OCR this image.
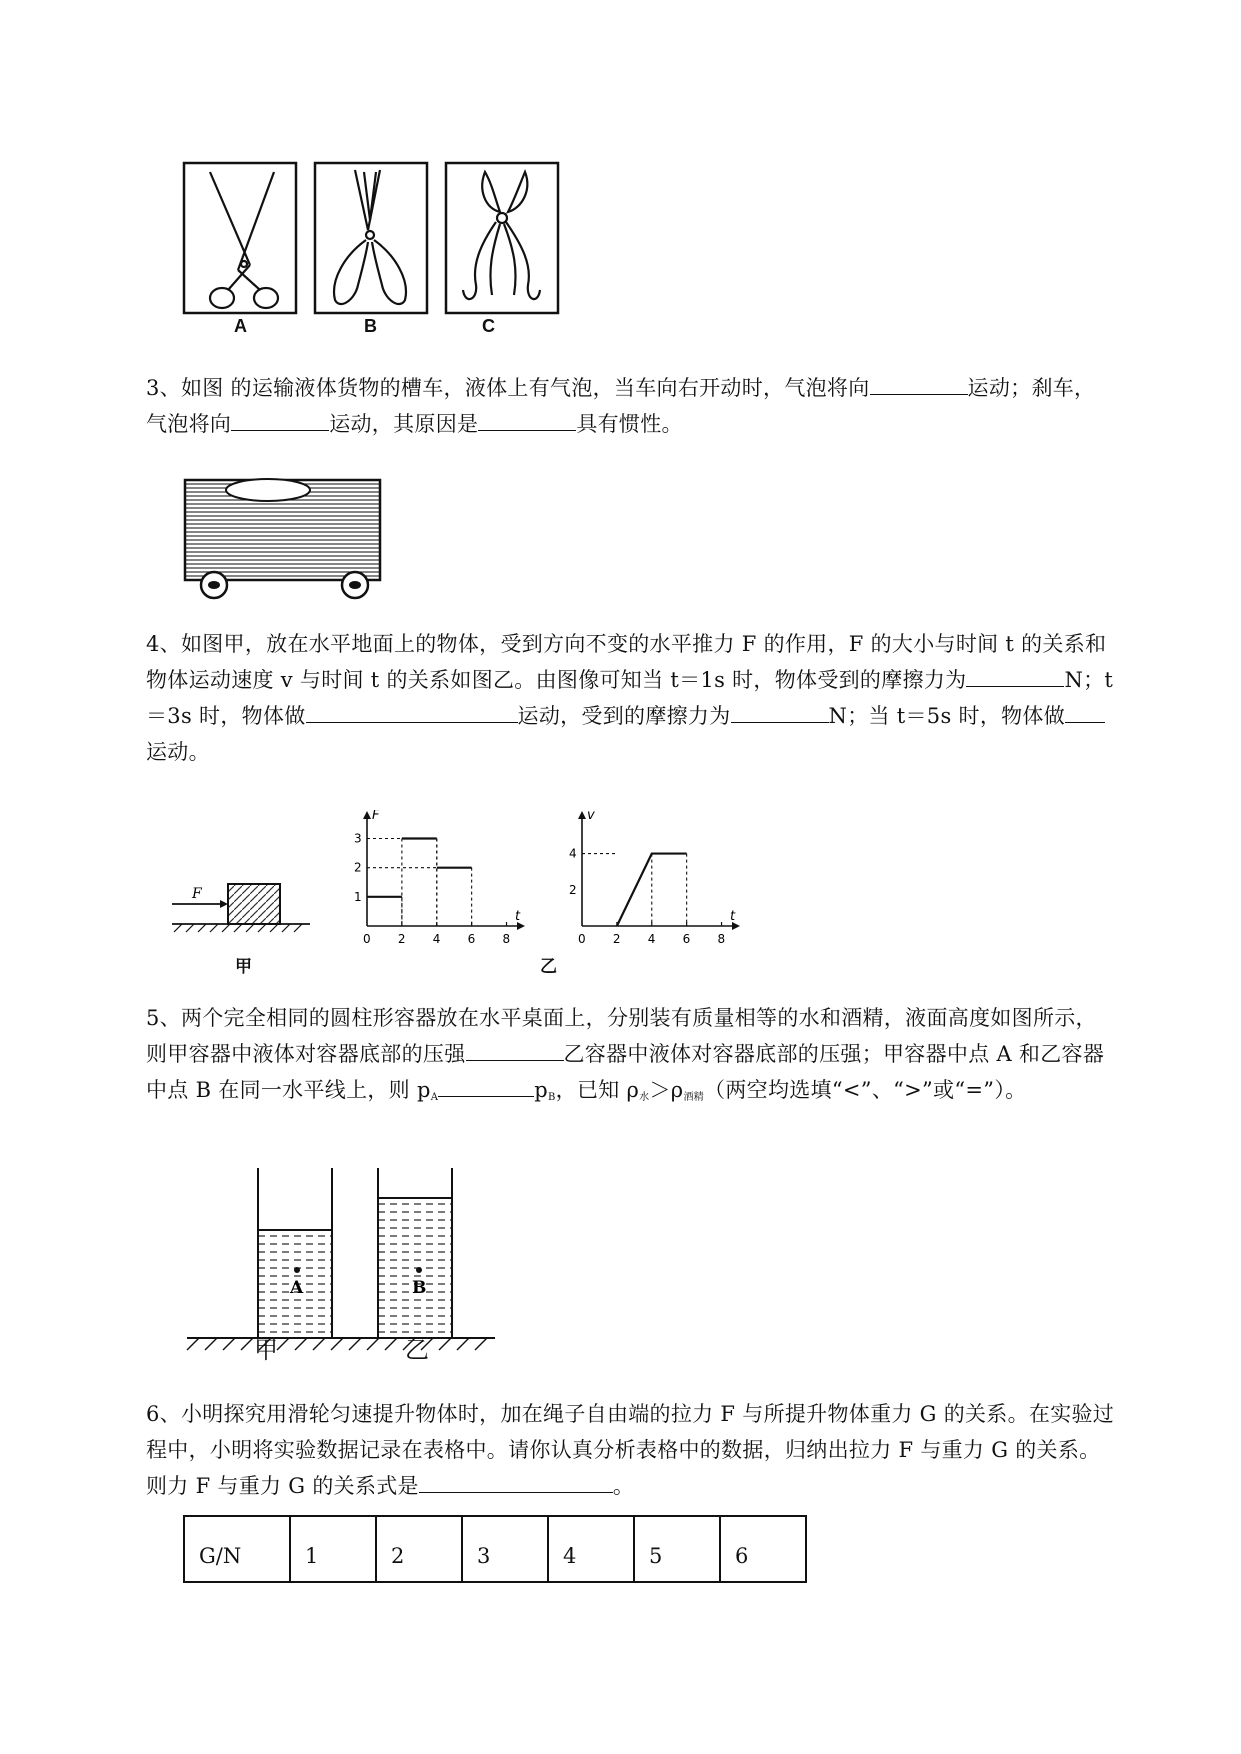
A	B	C
3、如图 的运输液体货物的槽车，液体上有气泡，当车向右开动时，气泡将向	运动；刹车，
气泡将向	运动，其原因是	具有惯性。
4、如图甲，放在水平地面上的物体，受到方向不变的水平推力 F 的作用，F 的大小与时间 t 的关系和
物体运动速度 v 与时间 t 的关系如图乙。由图像可知当 t＝1s 时，物体受到的摩擦力为	N；t
＝3s 时，物体做	运动，受到的摩擦力为	N；当 t＝5s 时，物体做
运动。
F
甲
F
t
0 2 4 6 8
1
2
3
v
t
0 2 4 6 8
2
4
乙
5、两个完全相同的圆柱形容器放在水平桌面上，分别装有质量相等的水和酒精，液面高度如图所示，
则甲容器中液体对容器底部的压强	乙容器中液体对容器底部的压强；甲容器中点 A 和乙容器
中点 B 在同一水平线上，则 $p_A$	$p_B$，已知 $\rho_水>\rho_{酒精}$（两空均选填“<”、“>”或“=”）。
A	B
甲	乙
6、小明探究用滑轮匀速提升物体时，加在绳子自由端的拉力 F 与所提升物体重力 G 的关系。在实验过
程中，小明将实验数据记录在表格中。请你认真分析表格中的数据，归纳出拉力 F 与重力 G 的关系。
则力 F 与重力 G 的关系式是	。
G/N	1	2	3	4	5	6
